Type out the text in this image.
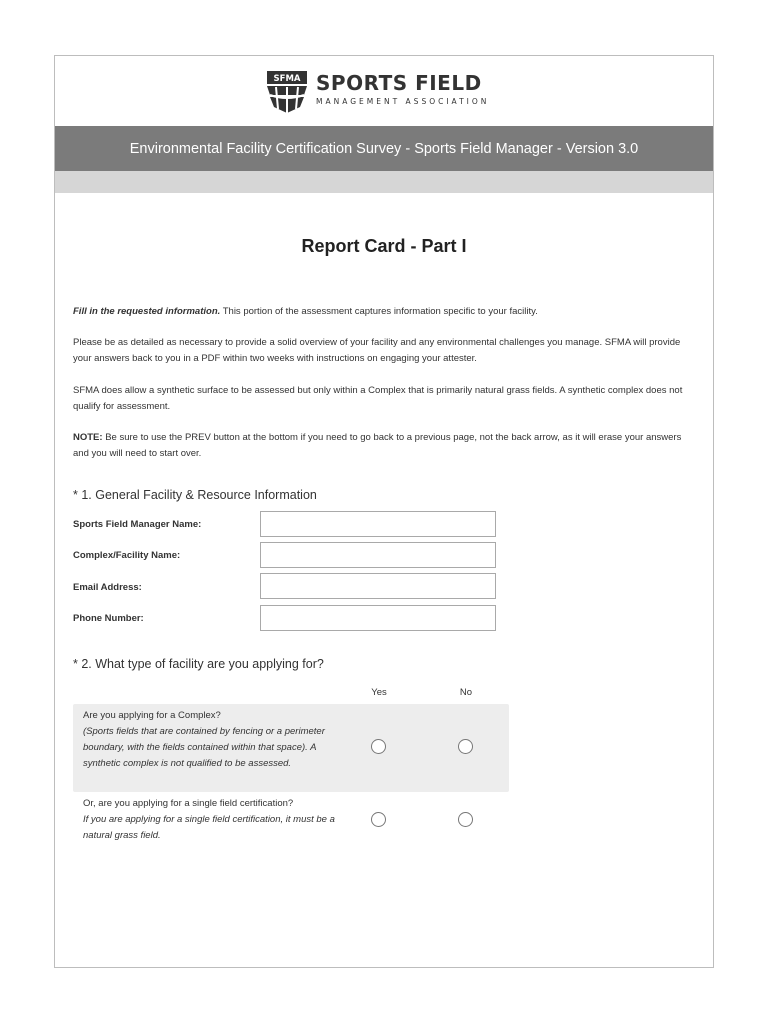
SFMA SPORTS FIELD
MANAGEMENT ASSOCIATION
Environmental Facility Certification Survey - Sports Field Manager - Version 3.0
Report Card - Part I
Fill in the requested information. This portion of the assessment captures information specific to your facility.
Please be as detailed as necessary to provide a solid overview of your facility and any environmental challenges you manage. SFMA will provide your answers back to you in a PDF within two weeks with instructions on engaging your attester.
SFMA does allow a synthetic surface to be assessed but only within a Complex that is primarily natural grass fields. A synthetic complex does not qualify for assessment.
NOTE: Be sure to use the PREV button at the bottom if you need to go back to a previous page, not the back arrow, as it will erase your answers and you will need to start over.
* 1. General Facility & Resource Information
Sports Field Manager Name:
Complex/Facility Name:
Email Address:
Phone Number:
* 2. What type of facility are you applying for?
Yes	No
Are you applying for a Complex?
(Sports fields that are contained by fencing or a perimeter boundary, with the fields contained within that space). A synthetic complex is not qualified to be assessed.
Or, are you applying for a single field certification?
If you are applying for a single field certification, it must be a natural grass field.
